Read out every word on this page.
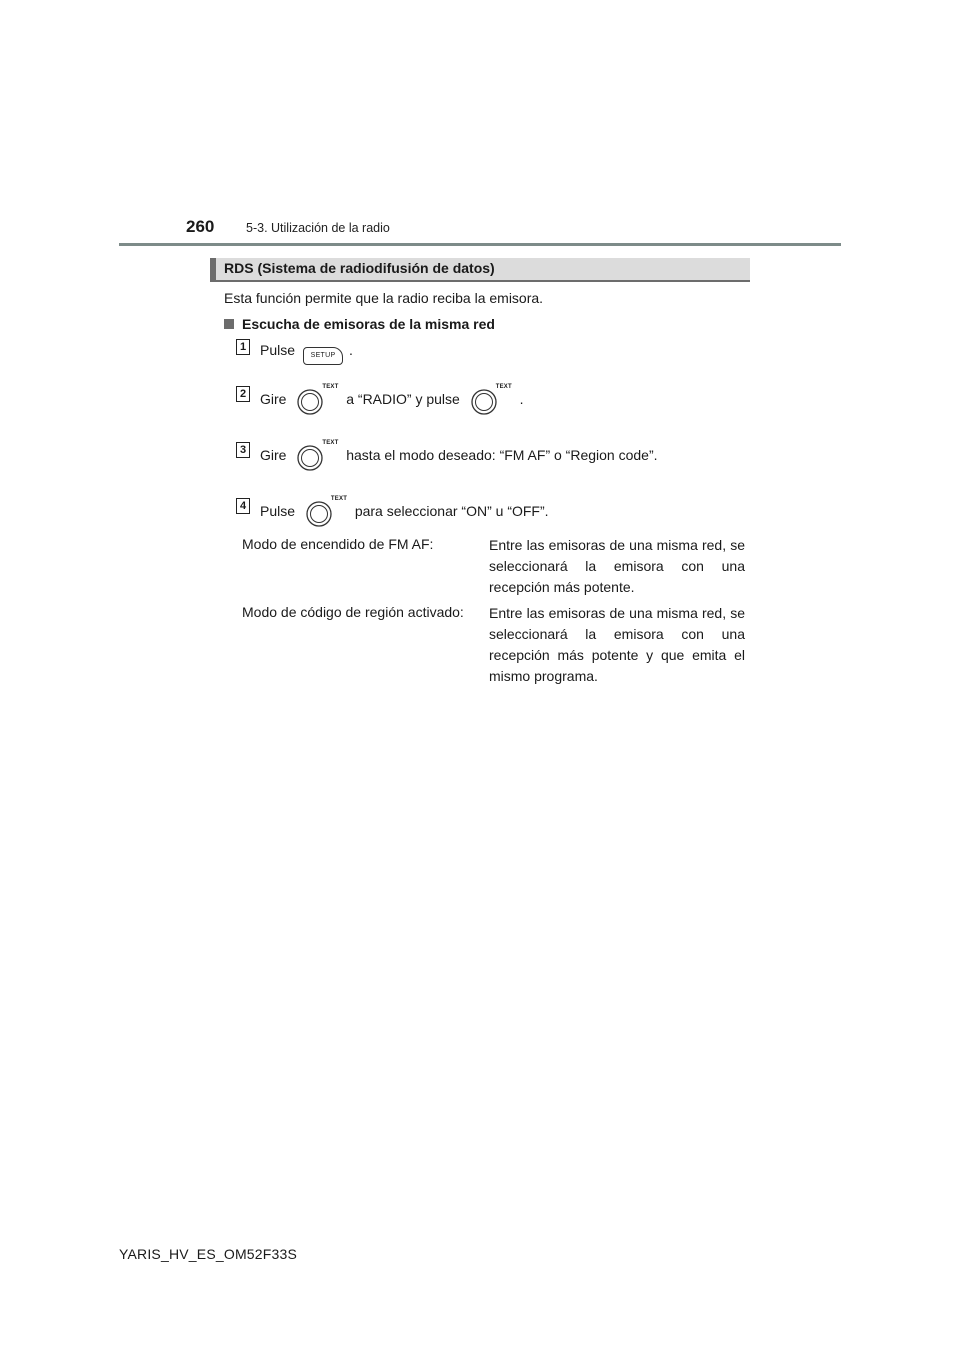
260	5-3. Utilización de la radio
RDS (Sistema de radiodifusión de datos)
Esta función permite que la radio reciba la emisora.
Escucha de emisoras de la misma red
1 Pulse SETUP .
2 Gire
TEXT
a “RADIO” y pulse
TEXT
.
3 Gire
TEXT
hasta el modo deseado: “FM AF” o “Region code”.
4 Pulse
TEXT
para seleccionar “ON” u “OFF”.
Modo de encendido de FM AF:	Entre las emisoras de una misma red, se seleccionará la emisora con una recepción más potente.
Modo de código de región activado: Entre las emisoras de una misma red, se seleccionará la emisora con una recepción más potente y que emita el mismo programa.
YARIS_HV_ES_OM52F33S
